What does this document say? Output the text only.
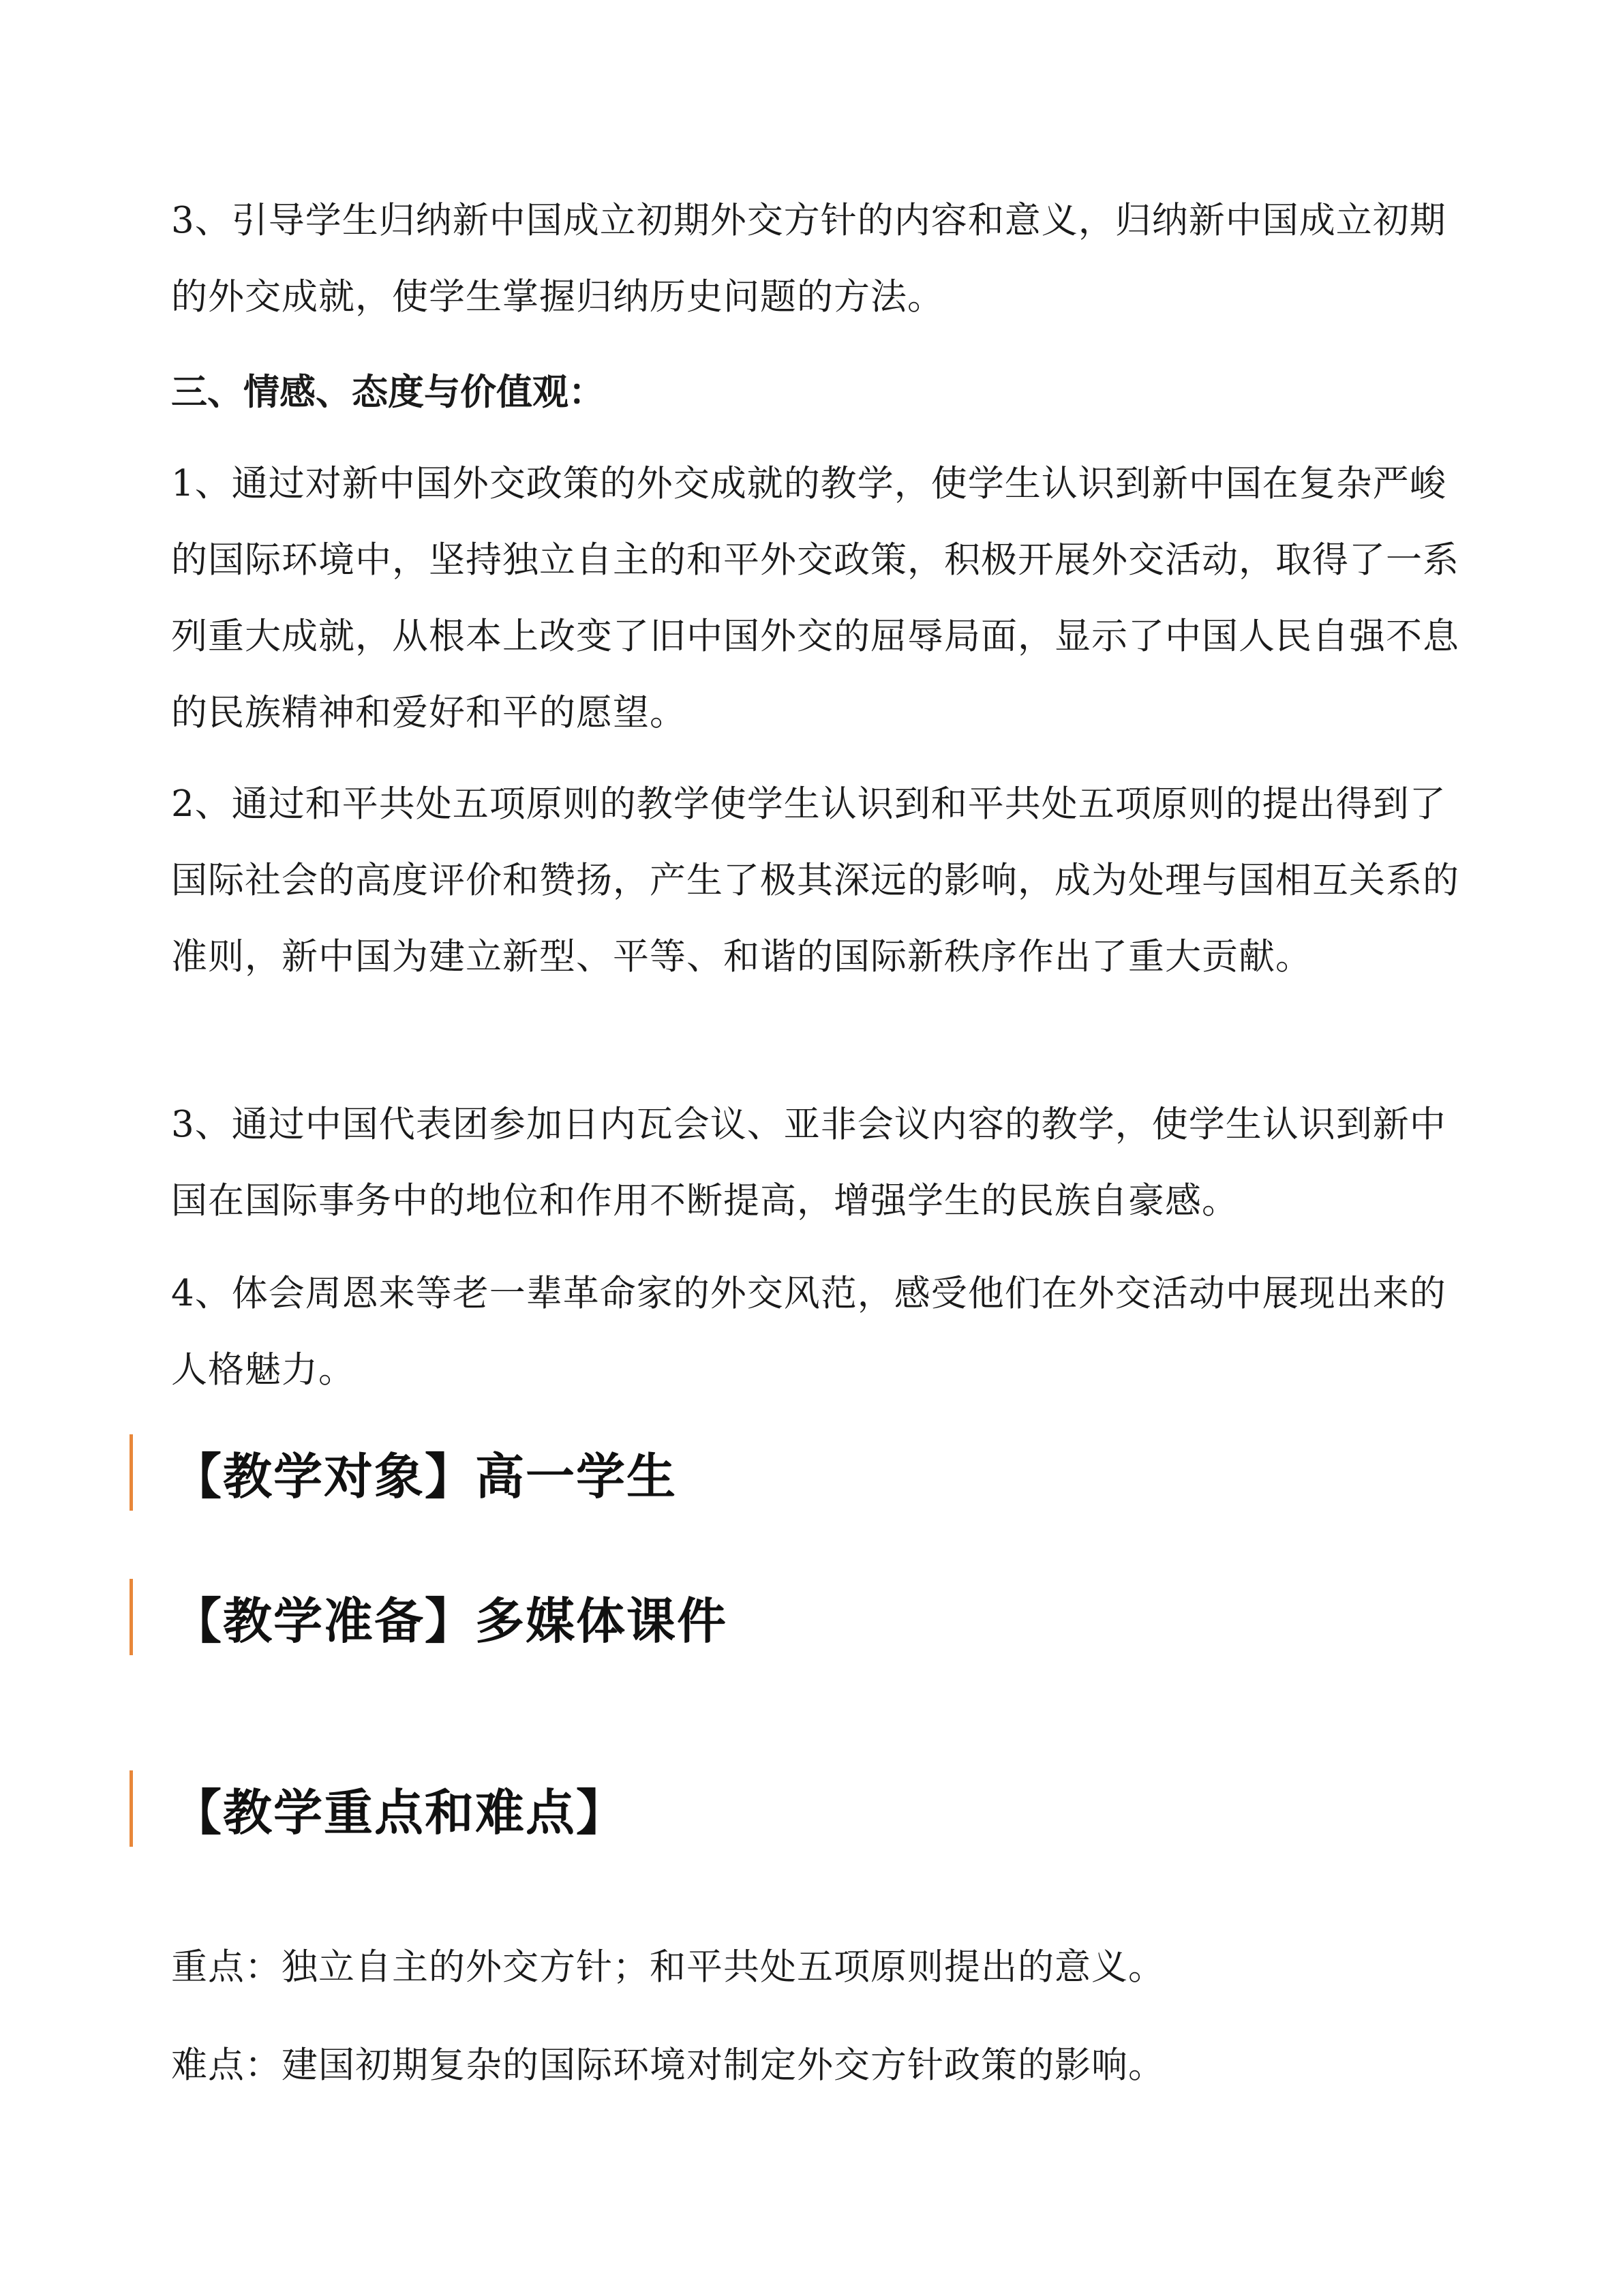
3、引导学生归纳新中国成立初期外交方针的内容和意义，归纳新中国成立初期的外交成就，使学生掌握归纳历史问题的方法。

三、情感、态度与价值观：

1、通过对新中国外交政策的外交成就的教学，使学生认识到新中国在复杂严峻的国际环境中，坚持独立自主的和平外交政策，积极开展外交活动，取得了一系列重大成就，从根本上改变了旧中国外交的屈辱局面，显示了中国人民自强不息的民族精神和爱好和平的愿望。

2、通过和平共处五项原则的教学使学生认识到和平共处五项原则的提出得到了国际社会的高度评价和赞扬，产生了极其深远的影响，成为处理与国相互关系的准则，新中国为建立新型、平等、和谐的国际新秩序作出了重大贡献。

3、通过中国代表团参加日内瓦会议、亚非会议内容的教学，使学生认识到新中国在国际事务中的地位和作用不断提高，增强学生的民族自豪感。

4、体会周恩来等老一辈革命家的外交风范，感受他们在外交活动中展现出来的人格魅力。

【教学对象】高一学生
【教学准备】多媒体课件
【教学重点和难点】

重点：独立自主的外交方针；和平共处五项原则提出的意义。

难点：建国初期复杂的国际环境对制定外交方针政策的影响。
